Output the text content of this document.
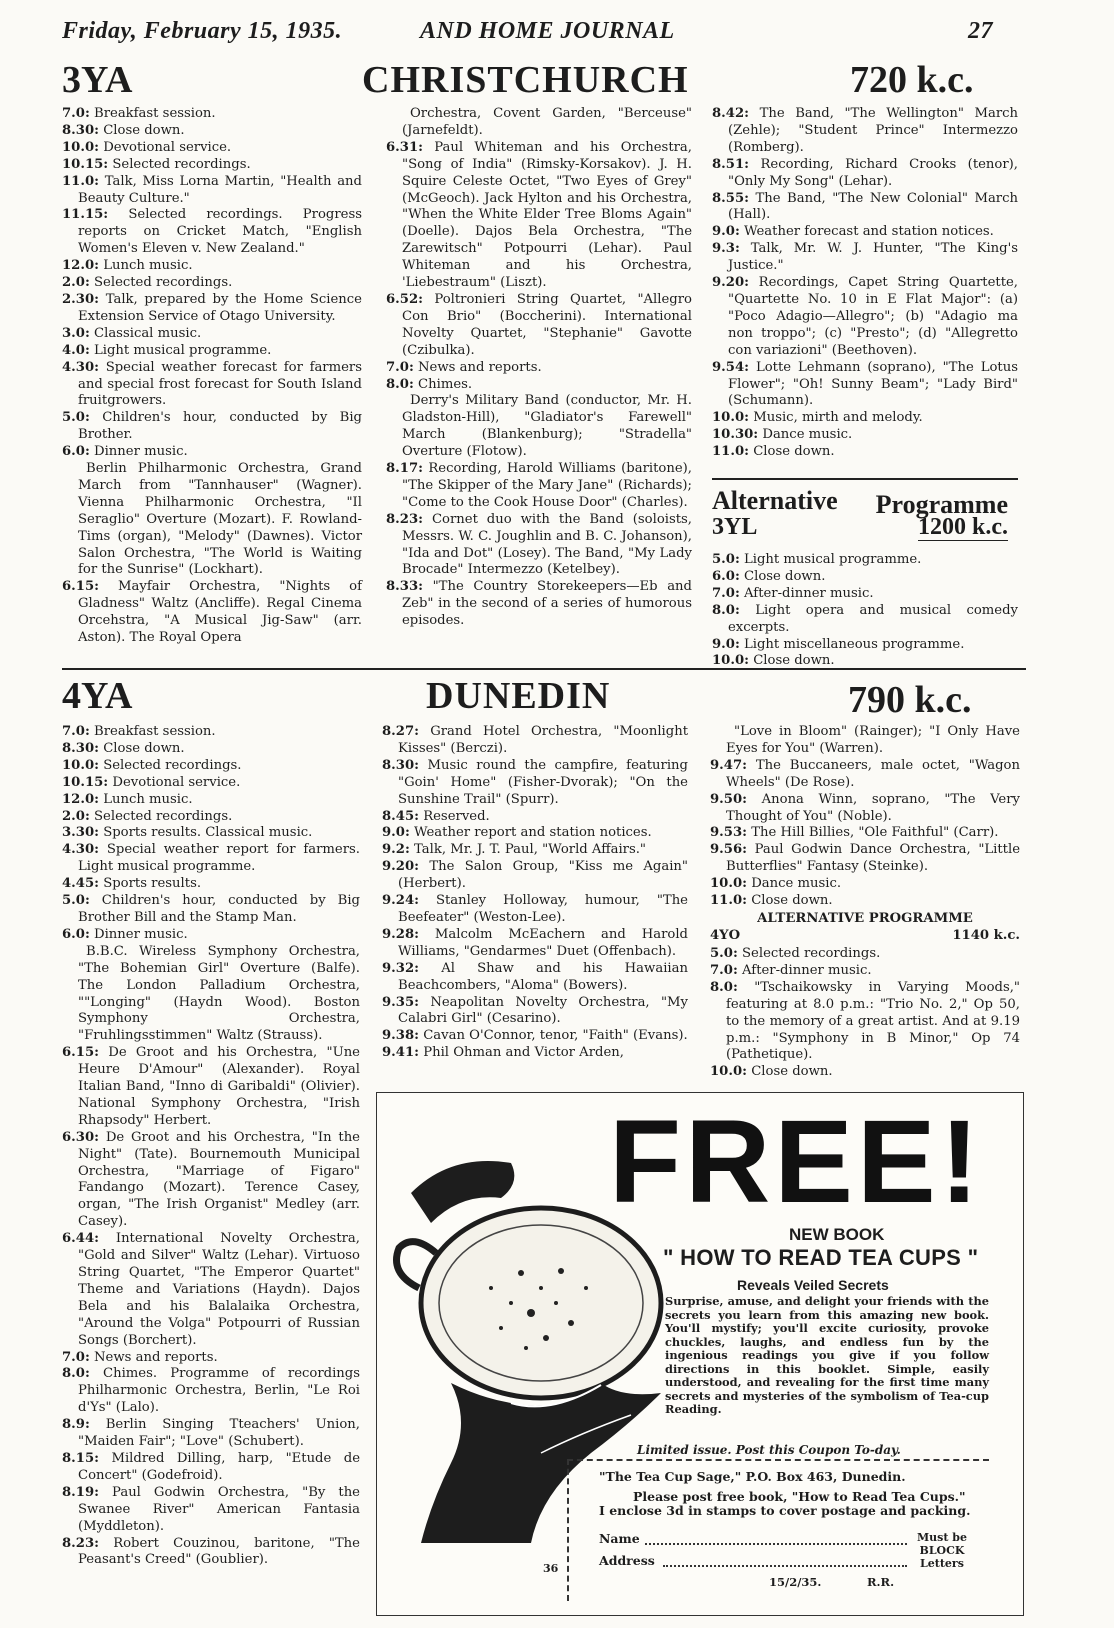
Friday, February 15, 1935.	AND HOME JOURNAL	27
3YA	CHRISTCHURCH	720 k.c.

7.0: Breakfast session.

8.30: Close down.

10.0: Devotional service.

10.15: Selected recordings.

11.0: Talk, Miss Lorna Martin, "Health and Beauty Culture."

11.15: Selected recordings. Progress reports on Cricket Match, "English Women's Eleven v. New Zealand."

12.0: Lunch music.

2.0: Selected recordings.

2.30: Talk, prepared by the Home Science Extension Service of Otago University.

3.0: Classical music.

4.0: Light musical programme.

4.30: Special weather forecast for farmers and special frost forecast for South Island fruitgrowers.

5.0: Children's hour, conducted by Big Brother.

6.0: Dinner music.

Berlin Philharmonic Orchestra, Grand March from "Tannhauser" (Wagner). Vienna Philharmonic Orchestra, "Il Seraglio" Overture (Mozart). F. Rowland-Tims (organ), "Melody" (Dawnes). Victor Salon Orchestra, "The World is Waiting for the Sunrise" (Lockhart).

6.15: Mayfair Orchestra, "Nights of Gladness" Waltz (Ancliffe). Regal Cinema Orcehstra, "A Musical Jig-Saw" (arr. Aston). The Royal Opera

Orchestra, Covent Garden, "Berceuse" (Jarnefeldt).

6.31: Paul Whiteman and his Orchestra, "Song of India" (Rimsky-Korsakov). J. H. Squire Celeste Octet, "Two Eyes of Grey" (McGeoch). Jack Hylton and his Orchestra, "When the White Elder Tree Bloms Again" (Doelle). Dajos Bela Orchestra, "The Zarewitsch" Potpourri (Lehar). Paul Whiteman and his Orchestra, 'Liebestraum" (Liszt).

6.52: Poltronieri String Quartet, "Allegro Con Brio" (Boccherini). International Novelty Quartet, "Stephanie" Gavotte (Czibulka).

7.0: News and reports.

8.0: Chimes.

Derry's Military Band (conductor, Mr. H. Gladston-Hill), "Gladiator's Farewell" March (Blankenburg); "Stradella" Overture (Flotow).

8.17: Recording, Harold Williams (baritone), "The Skipper of the Mary Jane" (Richards); "Come to the Cook House Door" (Charles).

8.23: Cornet duo with the Band (soloists, Messrs. W. C. Joughlin and B. C. Johanson), "Ida and Dot" (Losey). The Band, "My Lady Brocade" Intermezzo (Ketelbey).

8.33: "The Country Storekeepers—Eb and Zeb" in the second of a series of humorous episodes.

8.42: The Band, "The Wellington" March (Zehle); "Student Prince" Intermezzo (Romberg).

8.51: Recording, Richard Crooks (tenor), "Only My Song" (Lehar).

8.55: The Band, "The New Colonial" March (Hall).

9.0: Weather forecast and station notices.

9.3: Talk, Mr. W. J. Hunter, "The King's Justice."

9.20: Recordings, Capet String Quartette, "Quartette No. 10 in E Flat Major": (a) "Poco Adagio—Allegro"; (b) "Adagio ma non troppo"; (c) "Presto"; (d) "Allegretto con variazioni" (Beethoven).

9.54: Lotte Lehmann (soprano), "The Lotus Flower"; "Oh! Sunny Beam"; "Lady Bird" (Schumann).

10.0: Music, mirth and melody.

10.30: Dance music.

11.0: Close down.

Alternative Programme
3YL	1200 k.c.

5.0: Light musical programme.

6.0: Close down.

7.0: After-dinner music.

8.0: Light opera and musical comedy excerpts.

9.0: Light miscellaneous programme.

10.0: Close down.

4YA	DUNEDIN	790 k.c.

7.0: Breakfast session.

8.30: Close down.

10.0: Selected recordings.

10.15: Devotional service.

12.0: Lunch music.

2.0: Selected recordings.

3.30: Sports results. Classical music.

4.30: Special weather report for farmers. Light musical programme.

4.45: Sports results.

5.0: Children's hour, conducted by Big Brother Bill and the Stamp Man.

6.0: Dinner music.

B.B.C. Wireless Symphony Orchestra, "The Bohemian Girl" Overture (Balfe). The London Palladium Orchestra, ""Longing" (Haydn Wood). Boston Symphony Orchestra, "Fruhlingsstimmen" Waltz (Strauss).

6.15: De Groot and his Orchestra, "Une Heure D'Amour" (Alexander). Royal Italian Band, "Inno di Garibaldi" (Olivier). National Symphony Orchestra, "Irish Rhapsody" Herbert.

6.30: De Groot and his Orchestra, "In the Night" (Tate). Bournemouth Municipal Orchestra, "Marriage of Figaro" Fandango (Mozart). Terence Casey, organ, "The Irish Organist" Medley (arr. Casey).

6.44: International Novelty Orchestra, "Gold and Silver" Waltz (Lehar). Virtuoso String Quartet, "The Emperor Quartet" Theme and Variations (Haydn). Dajos Bela and his Balalaika Orchestra, "Around the Volga" Potpourri of Russian Songs (Borchert).

7.0: News and reports.

8.0: Chimes. Programme of recordings Philharmonic Orchestra, Berlin, "Le Roi d'Ys" (Lalo).

8.9: Berlin Singing Tteachers' Union, "Maiden Fair"; "Love" (Schubert).

8.15: Mildred Dilling, harp, "Etude de Concert" (Godefroid).

8.19: Paul Godwin Orchestra, "By the Swanee River" American Fantasia (Myddleton).

8.23: Robert Couzinou, baritone, "The Peasant's Creed" (Goublier).

8.27: Grand Hotel Orchestra, "Moonlight Kisses" (Berczi).

8.30: Music round the campfire, featuring "Goin' Home" (Fisher-Dvorak); "On the Sunshine Trail" (Spurr).

8.45: Reserved.

9.0: Weather report and station notices.

9.2: Talk, Mr. J. T. Paul, "World Affairs."

9.20: The Salon Group, "Kiss me Again" (Herbert).

9.24: Stanley Holloway, humour, "The Beefeater" (Weston-Lee).

9.28: Malcolm McEachern and Harold Williams, "Gendarmes" Duet (Offenbach).

9.32: Al Shaw and his Hawaiian Beachcombers, "Aloma" (Bowers).

9.35: Neapolitan Novelty Orchestra, "My Calabri Girl" (Cesarino).

9.38: Cavan O'Connor, tenor, "Faith" (Evans).

9.41: Phil Ohman and Victor Arden,

"Love in Bloom" (Rainger); "I Only Have Eyes for You" (Warren).

9.47: The Buccaneers, male octet, "Wagon Wheels" (De Rose).

9.50: Anona Winn, soprano, "The Very Thought of You" (Noble).

9.53: The Hill Billies, "Ole Faithful" (Carr).

9.56: Paul Godwin Dance Orchestra, "Little Butterflies" Fantasy (Steinke).

10.0: Dance music.

11.0: Close down.

ALTERNATIVE PROGRAMME
4YO	1140 k.c.

5.0: Selected recordings.

7.0: After-dinner music.

8.0: "Tschaikowsky in Varying Moods," featuring at 8.0 p.m.: "Trio No. 2," Op 50, to the memory of a great artist. And at 9.19 p.m.: "Symphony in B Minor," Op 74 (Pathetique).

10.0: Close down.

FREE!
NEW BOOK
" HOW TO READ TEA CUPS "
Reveals Veiled Secrets
Surprise, amuse, and delight your friends with the secrets you learn from this amazing new book. You'll mystify; you'll excite curiosity, provoke chuckles, laughs, and endless fun by the ingenious readings you give if you follow directions in this booklet. Simple, easily understood, and revealing for the first time many secrets and mysteries of the symbolism of Tea-cup Reading.
Limited issue. Post this Coupon To-day.
"The Tea Cup Sage," P.O. Box 463, Dunedin.
Please post free book, "How to Read Tea Cups."
I enclose 3d in stamps to cover postage and packing.
Name
Address
Must be
BLOCK
Letters
36
15/2/35.	R.R.
